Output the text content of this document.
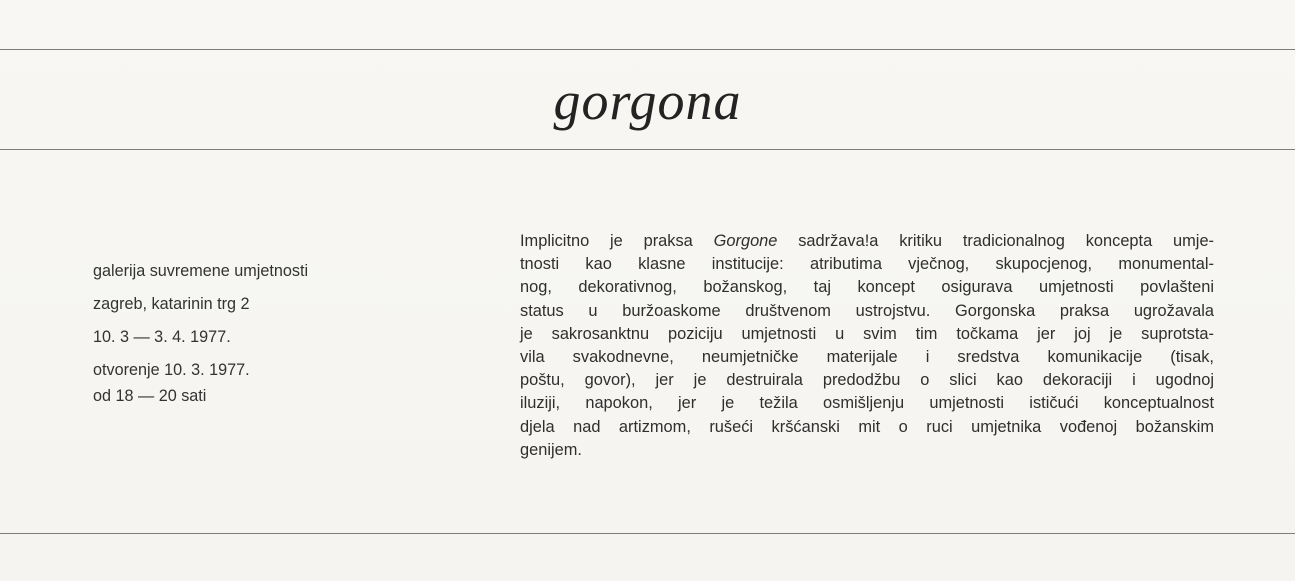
gorgona
galerija suvremene umjetnosti
zagreb, katarinin trg 2
10. 3 — 3. 4. 1977.
otvorenje 10. 3. 1977.
od 18 — 20 sati
Implicitno je praksa Gorgone sadržava!a kritiku tradicionalnog koncepta umje-
tnosti kao klasne institucije: atributima vječnog, skupocjenog, monumental-
nog, dekorativnog, božanskog, taj koncept osigurava umjetnosti povlašteni
status u buržoaskome društvenom ustrojstvu. Gorgonska praksa ugrožavala
je sakrosanktnu poziciju umjetnosti u svim tim točkama jer joj je suprotsta-
vila svakodnevne, neumjetničke materijale i sredstva komunikacije (tisak,
poštu, govor), jer je destruirala predodžbu o slici kao dekoraciji i ugodnoj
iluziji, napokon, jer je težila osmišljenju umjetnosti ističući konceptualnost
djela nad artizmom, rušeći kršćanski mit o ruci umjetnika vođenoj božanskim
genijem.
